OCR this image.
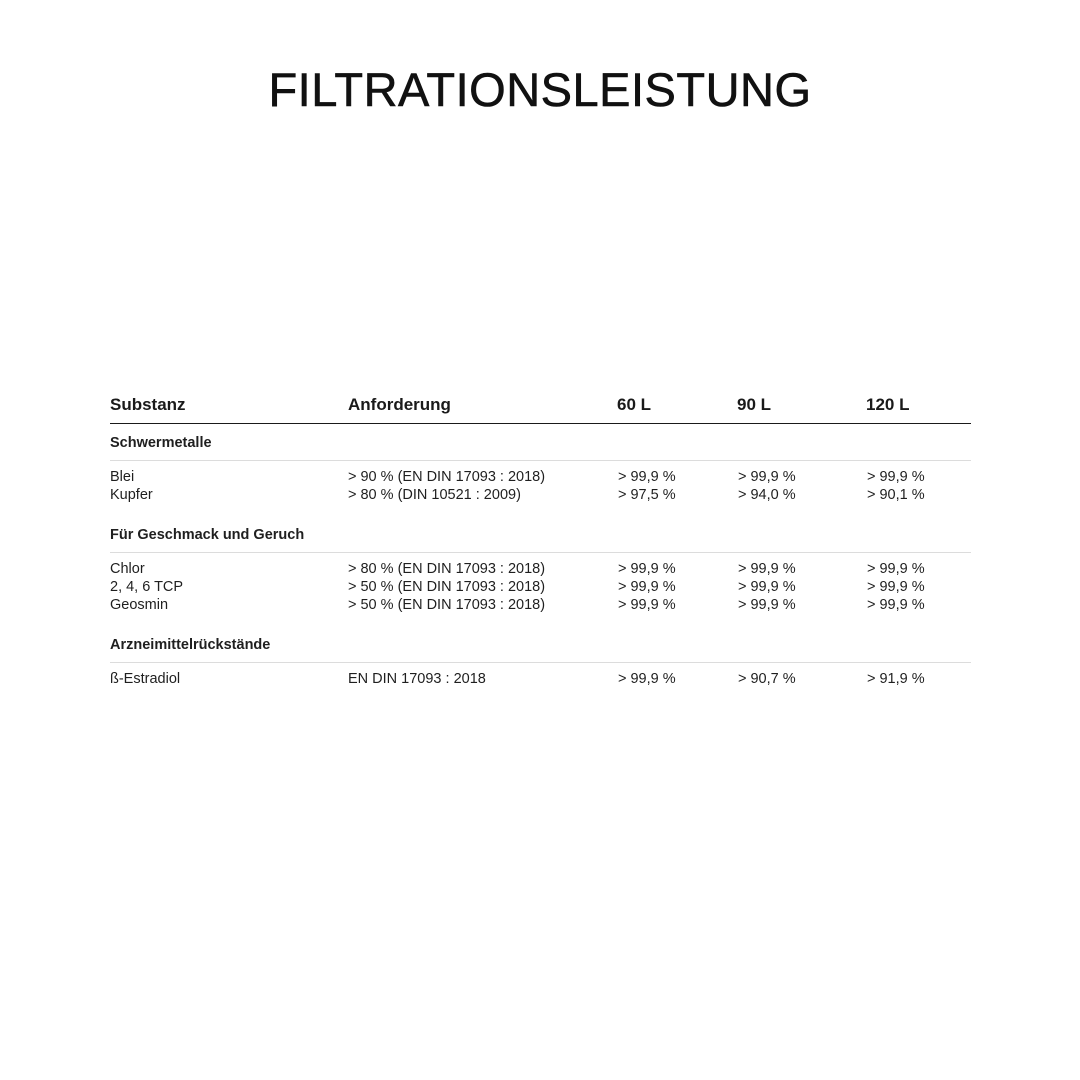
FILTRATIONSLEISTUNG
Substanz	Anforderung	60 L	90 L	120 L
Schwermetalle
Blei	> 90 % (EN DIN 17093 : 2018)	> 99,9 %	> 99,9 %	> 99,9 %
Kupfer	> 80 % (DIN 10521 : 2009)	> 97,5 %	> 94,0 %	> 90,1 %
Für Geschmack und Geruch
Chlor	> 80 % (EN DIN 17093 : 2018)	> 99,9 %	> 99,9 %	> 99,9 %
2, 4, 6 TCP	> 50 % (EN DIN 17093 : 2018)	> 99,9 %	> 99,9 %	> 99,9 %
Geosmin	> 50 % (EN DIN 17093 : 2018)	> 99,9 %	> 99,9 %	> 99,9 %
Arzneimittelrückstände
ß-Estradiol	EN DIN 17093 : 2018	> 99,9 %	> 90,7 %	> 91,9 %
